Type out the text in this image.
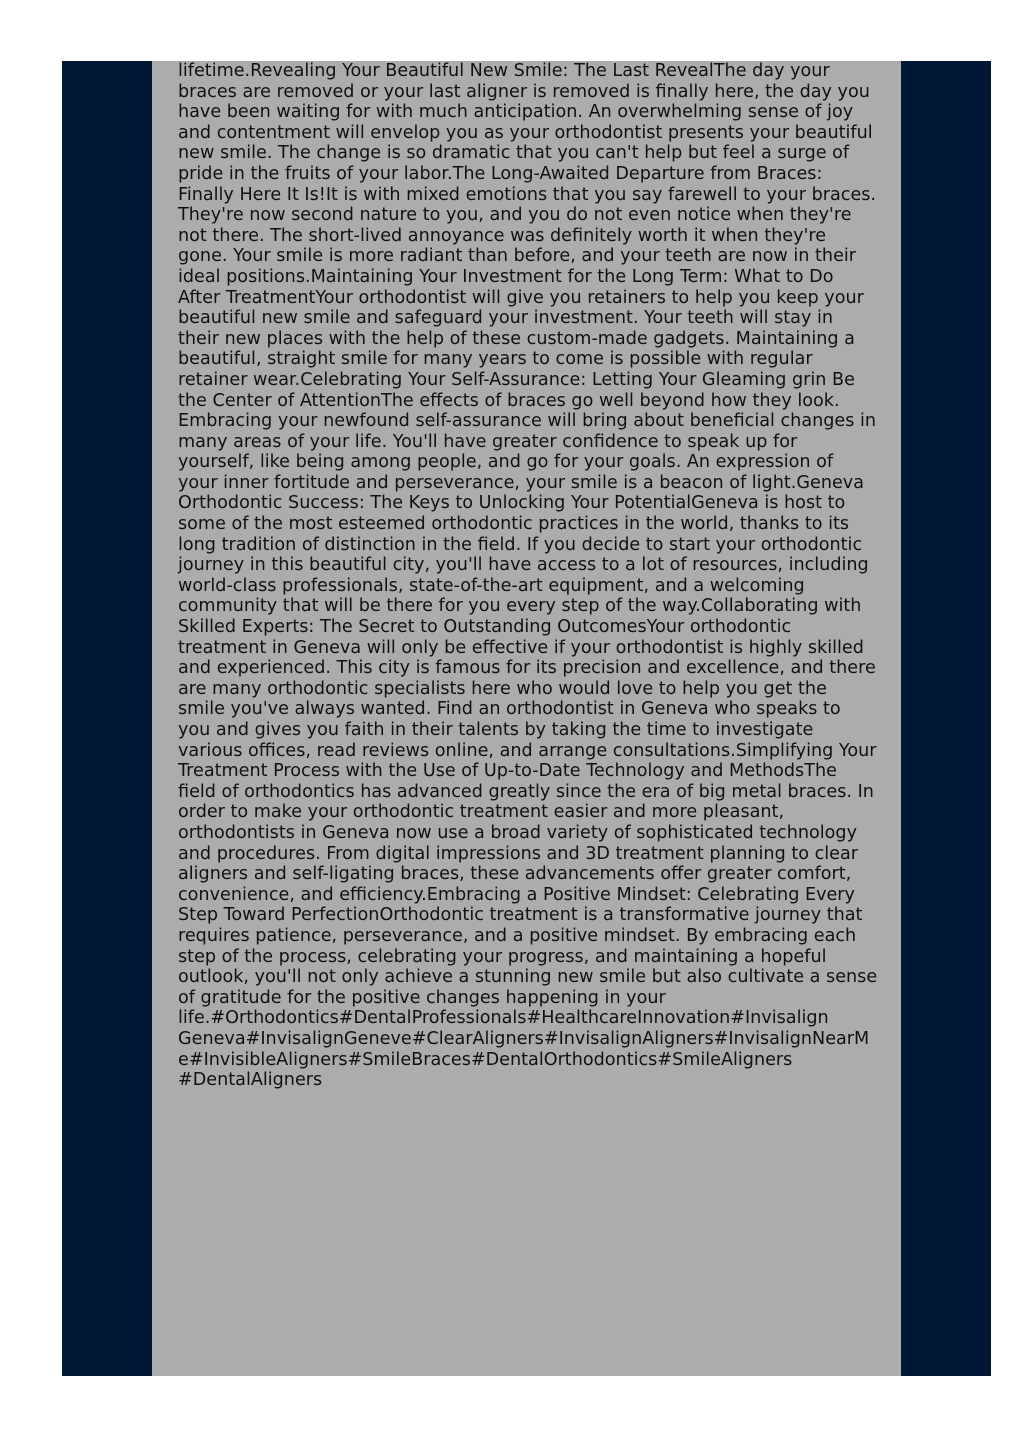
lifetime.Revealing Your Beautiful New Smile: The Last RevealThe day your braces are removed or your last aligner is removed is finally here, the day you have been waiting for with much anticipation. An overwhelming sense of joy and contentment will envelop you as your orthodontist presents your beautiful new smile. The change is so dramatic that you can't help but feel a surge of pride in the fruits of your labor.The Long-Awaited Departure from Braces: Finally Here It Is!It is with mixed emotions that you say farewell to your braces. They're now second nature to you, and you do not even notice when they're not there. The short-lived annoyance was definitely worth it when they're gone. Your smile is more radiant than before, and your teeth are now in their ideal positions.Maintaining Your Investment for the Long Term: What to Do After TreatmentYour orthodontist will give you retainers to help you keep your beautiful new smile and safeguard your investment. Your teeth will stay in their new places with the help of these custom-made gadgets. Maintaining a beautiful, straight smile for many years to come is possible with regular retainer wear.Celebrating Your Self-Assurance: Letting Your Gleaming grin Be the Center of AttentionThe effects of braces go well beyond how they look. Embracing your newfound self-assurance will bring about beneficial changes in many areas of your life. You'll have greater confidence to speak up for yourself, like being among people, and go for your goals. An expression of your inner fortitude and perseverance, your smile is a beacon of light.Geneva Orthodontic Success: The Keys to Unlocking Your PotentialGeneva is host to some of the most esteemed orthodontic practices in the world, thanks to its long tradition of distinction in the field. If you decide to start your orthodontic journey in this beautiful city, you'll have access to a lot of resources, including world-class professionals, state-of-the-art equipment, and a welcoming community that will be there for you every step of the way.Collaborating with Skilled Experts: The Secret to Outstanding OutcomesYour orthodontic treatment in Geneva will only be effective if your orthodontist is highly skilled and experienced. This city is famous for its precision and excellence, and there are many orthodontic specialists here who would love to help you get the smile you've always wanted. Find an orthodontist in Geneva who speaks to you and gives you faith in their talents by taking the time to investigate various offices, read reviews online, and arrange consultations.Simplifying Your Treatment Process with the Use of Up-to-Date Technology and MethodsThe field of orthodontics has advanced greatly since the era of big metal braces. In order to make your orthodontic treatment easier and more pleasant, orthodontists in Geneva now use a broad variety of sophisticated technology and procedures. From digital impressions and 3D treatment planning to clear aligners and self-ligating braces, these advancements offer greater comfort, convenience, and efficiency.Embracing a Positive Mindset: Celebrating Every Step Toward PerfectionOrthodontic treatment is a transformative journey that requires patience, perseverance, and a positive mindset. By embracing each step of the process, celebrating your progress, and maintaining a hopeful outlook, you'll not only achieve a stunning new smile but also cultivate a sense of gratitude for the positive changes happening in your

life.#Orthodontics#DentalProfessionals#HealthcareInnovation#Invisalign Geneva#InvisalignGeneve#ClearAligners#InvisalignAligners#InvisalignNearMe#InvisibleAligners#SmileBraces#DentalOrthodontics#SmileAligners #DentalAligners
